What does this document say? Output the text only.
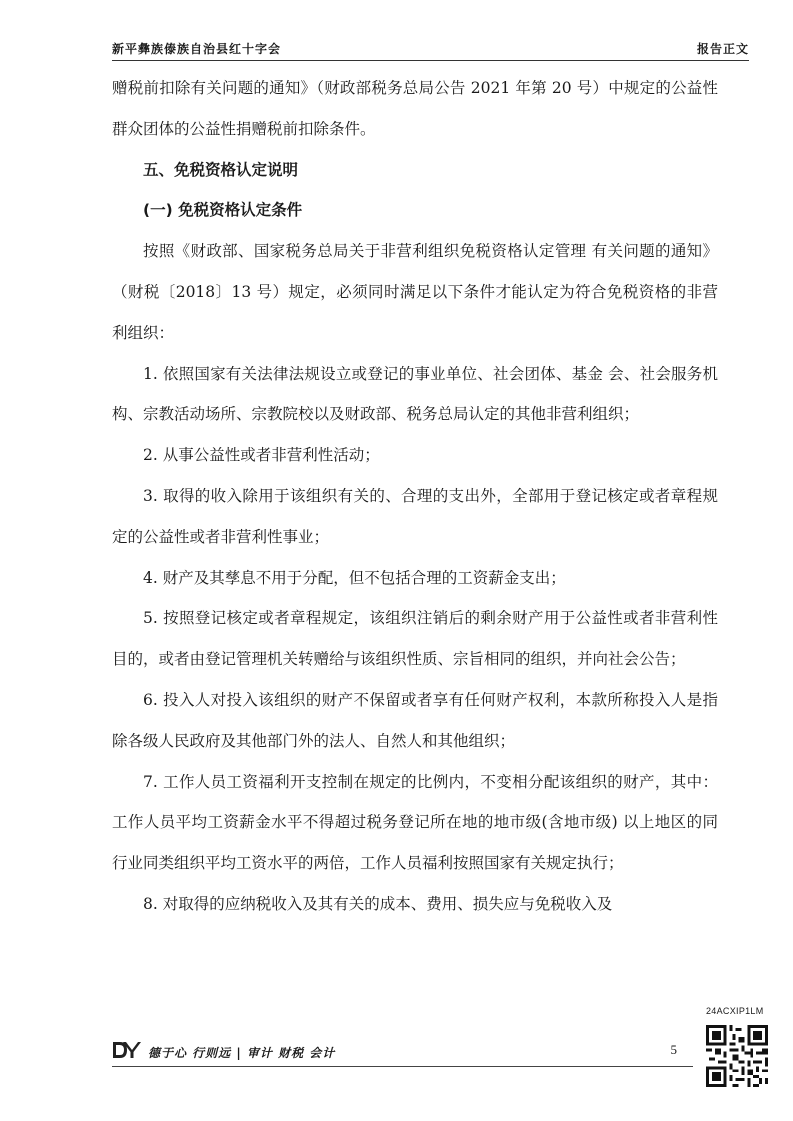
新平彝族傣族自治县红十字会	报告正文

赠税前扣除有关问题的通知》（财政部税务总局公告 2021 年第 20 号）中规定的公益性群众团体的公益性捐赠税前扣除条件。

五、免税资格认定说明

(一) 免税资格认定条件

按照《财政部、国家税务总局关于非营利组织免税资格认定管理 有关问题的通知》（财税〔2018〕13 号）规定，必须同时满足以下条件才能认定为符合免税资格的非营利组织：

1. 依照国家有关法律法规设立或登记的事业单位、社会团体、基金 会、社会服务机构、宗教活动场所、宗教院校以及财政部、税务总局认定的其他非营利组织；

2. 从事公益性或者非营利性活动；

3. 取得的收入除用于该组织有关的、合理的支出外，全部用于登记核定或者章程规定的公益性或者非营利性事业；

4. 财产及其孳息不用于分配，但不包括合理的工资薪金支出；

5. 按照登记核定或者章程规定，该组织注销后的剩余财产用于公益性或者非营利性目的，或者由登记管理机关转赠给与该组织性质、宗旨相同的组织，并向社会公告；

6. 投入人对投入该组织的财产不保留或者享有任何财产权利，本款所称投入人是指除各级人民政府及其他部门外的法人、自然人和其他组织；

7. 工作人员工资福利开支控制在规定的比例内，不变相分配该组织的财产，其中：工作人员平均工资薪金水平不得超过税务登记所在地的地市级(含地市级) 以上地区的同行业同类组织平均工资水平的两倍，工作人员福利按照国家有关规定执行；

8. 对取得的应纳税收入及其有关的成本、费用、损失应与免税收入及

24ACXIP1LM
德于心 行则远 | 审计 财税 会计	5
